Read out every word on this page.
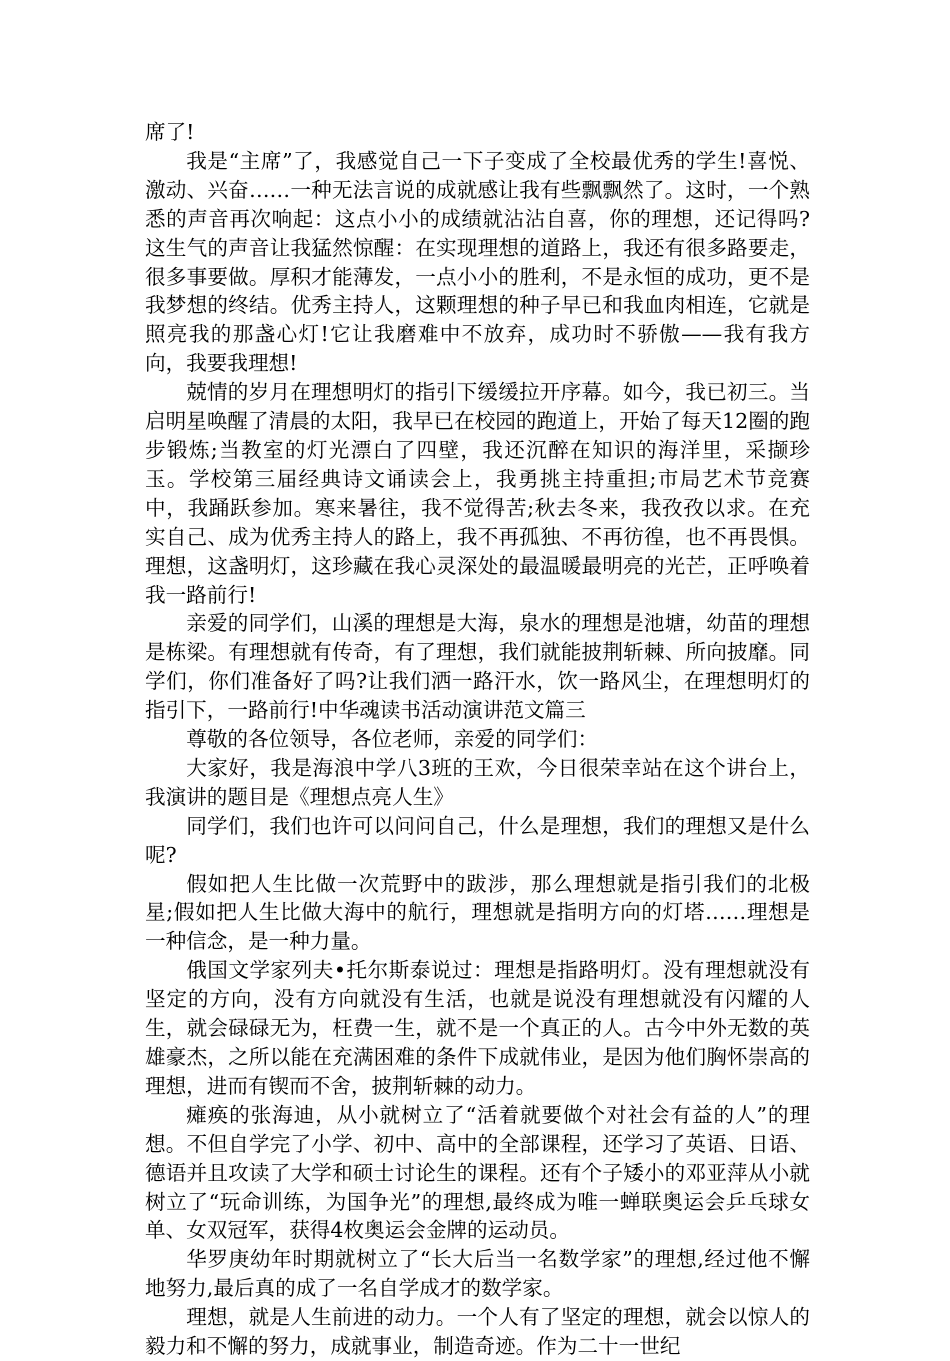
席了!

我是“主席”了，我感觉自己一下子变成了全校最优秀的学生!喜悦、激动、兴奋……一种无法言说的成就感让我有些飘飘然了。这时，一个熟悉的声音再次响起：这点小小的成绩就沾沾自喜，你的理想，还记得吗?这生气的声音让我猛然惊醒：在实现理想的道路上，我还有很多路要走，很多事要做。厚积才能薄发，一点小小的胜利，不是永恒的成功，更不是我梦想的终结。优秀主持人，这颗理想的种子早已和我血肉相连，它就是照亮我的那盏心灯!它让我磨难中不放弃，成功时不骄傲——我有我方向，我要我理想!

兢情的岁月在理想明灯的指引下缓缓拉开序幕。如今，我已初三。当启明星唤醒了清晨的太阳，我早已在校园的跑道上，开始了每天12圈的跑步锻炼;当教室的灯光漂白了四壁，我还沉醉在知识的海洋里，采撷珍玉。学校第三届经典诗文诵读会上，我勇挑主持重担;市局艺术节竞赛中，我踊跃参加。寒来暑往，我不觉得苦;秋去冬来，我孜孜以求。在充实自己、成为优秀主持人的路上，我不再孤独、不再彷徨，也不再畏惧。理想，这盏明灯，这珍藏在我心灵深处的最温暖最明亮的光芒，正呼唤着我一路前行!

亲爱的同学们，山溪的理想是大海，泉水的理想是池塘，幼苗的理想是栋梁。有理想就有传奇，有了理想，我们就能披荆斩棘、所向披靡。同学们，你们准备好了吗?让我们洒一路汗水，饮一路风尘，在理想明灯的指引下，一路前行!中华魂读书活动演讲范文篇三

尊敬的各位领导，各位老师，亲爱的同学们：

大家好，我是海浪中学八3班的王欢，今日很荣幸站在这个讲台上，我演讲的题目是《理想点亮人生》

同学们，我们也许可以问问自己，什么是理想，我们的理想又是什么呢?

假如把人生比做一次荒野中的跋涉，那么理想就是指引我们的北极星;假如把人生比做大海中的航行，理想就是指明方向的灯塔……理想是一种信念，是一种力量。

俄国文学家列夫•托尔斯泰说过：理想是指路明灯。没有理想就没有坚定的方向，没有方向就没有生活，也就是说没有理想就没有闪耀的人生，就会碌碌无为，枉费一生，就不是一个真正的人。古今中外无数的英雄豪杰，之所以能在充满困难的条件下成就伟业，是因为他们胸怀崇高的理想，进而有锲而不舍，披荆斩棘的动力。

瘫痪的张海迪，从小就树立了“活着就要做个对社会有益的人”的理想。不但自学完了小学、初中、高中的全部课程，还学习了英语、日语、德语并且攻读了大学和硕士讨论生的课程。还有个子矮小的邓亚萍从小就树立了“玩命训练，为国争光”的理想,最终成为唯一蝉联奥运会乒乓球女单、女双冠军，获得4枚奥运会金牌的运动员。

华罗庚幼年时期就树立了“长大后当一名数学家”的理想,经过他不懈地努力,最后真的成了一名自学成才的数学家。

理想，就是人生前进的动力。一个人有了坚定的理想，就会以惊人的毅力和不懈的努力，成就事业，制造奇迹。作为二十一世纪
